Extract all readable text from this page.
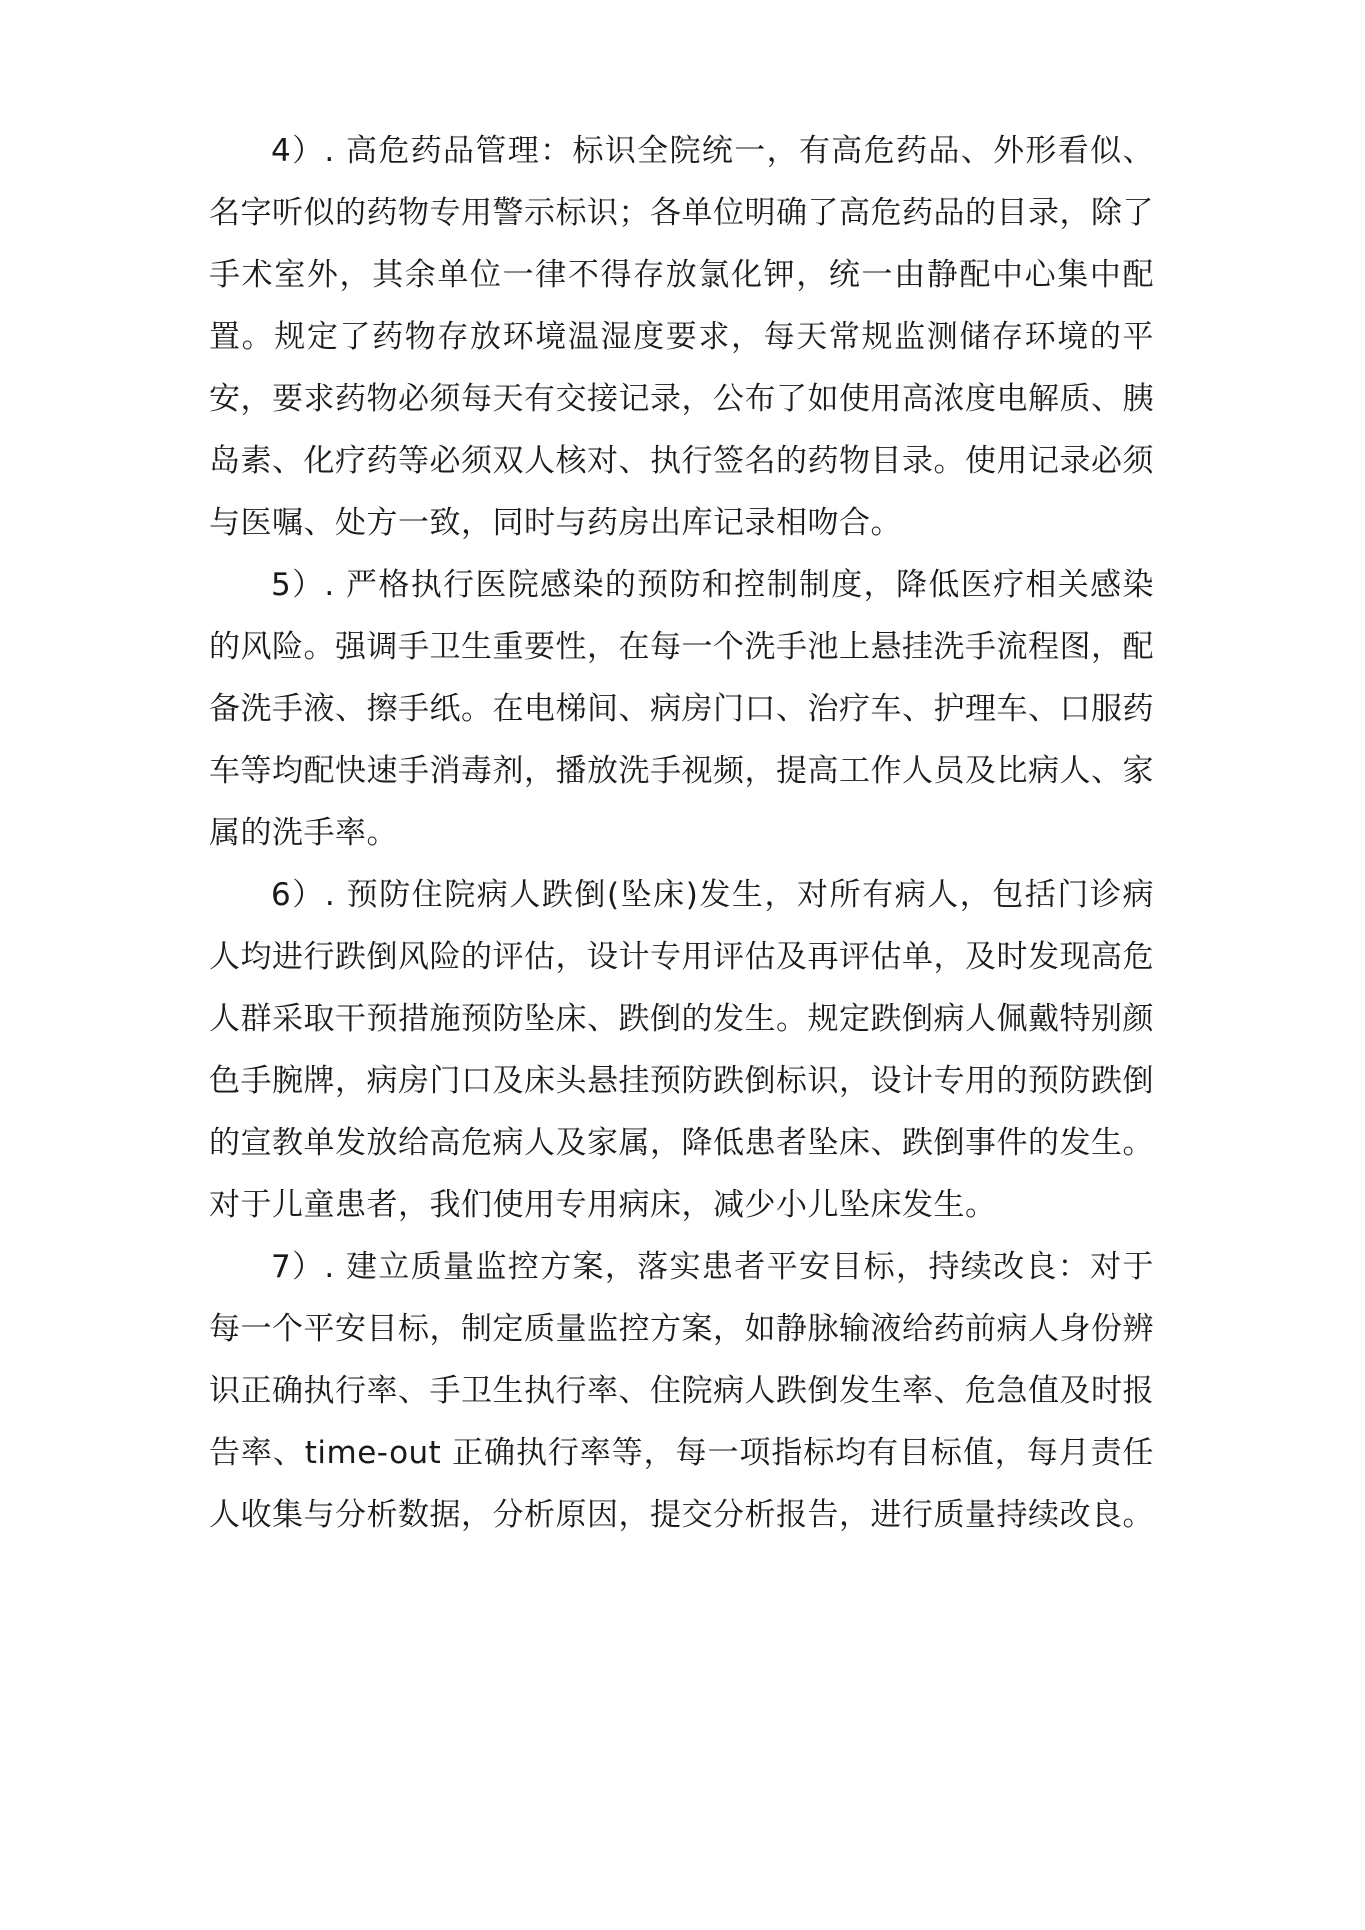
4）. 高危药品管理：标识全院统一，有高危药品、外形看似、名字听似的药物专用警示标识；各单位明确了高危药品的目录，除了手术室外，其余单位一律不得存放氯化钾，统一由静配中心集中配置。规定了药物存放环境温湿度要求，每天常规监测储存环境的平安，要求药物必须每天有交接记录，公布了如使用高浓度电解质、胰岛素、化疗药等必须双人核对、执行签名的药物目录。使用记录必须与医嘱、处方一致，同时与药房出库记录相吻合。

5）. 严格执行医院感染的预防和控制制度，降低医疗相关感染的风险。强调手卫生重要性，在每一个洗手池上悬挂洗手流程图，配备洗手液、擦手纸。在电梯间、病房门口、治疗车、护理车、口服药车等均配快速手消毒剂，播放洗手视频，提高工作人员及比病人、家属的洗手率。

6）. 预防住院病人跌倒(坠床)发生，对所有病人，包括门诊病人均进行跌倒风险的评估，设计专用评估及再评估单，及时发现高危人群采取干预措施预防坠床、跌倒的发生。规定跌倒病人佩戴特别颜色手腕牌，病房门口及床头悬挂预防跌倒标识，设计专用的预防跌倒的宣教单发放给高危病人及家属，降低患者坠床、跌倒事件的发生。对于儿童患者，我们使用专用病床，减少小儿坠床发生。

7）. 建立质量监控方案，落实患者平安目标，持续改良：对于每一个平安目标，制定质量监控方案，如静脉输液给药前病人身份辨识正确执行率、手卫生执行率、住院病人跌倒发生率、危急值及时报告率、time-out 正确执行率等，每一项指标均有目标值，每月责任人收集与分析数据，分析原因，提交分析报告，进行质量持续改良。
